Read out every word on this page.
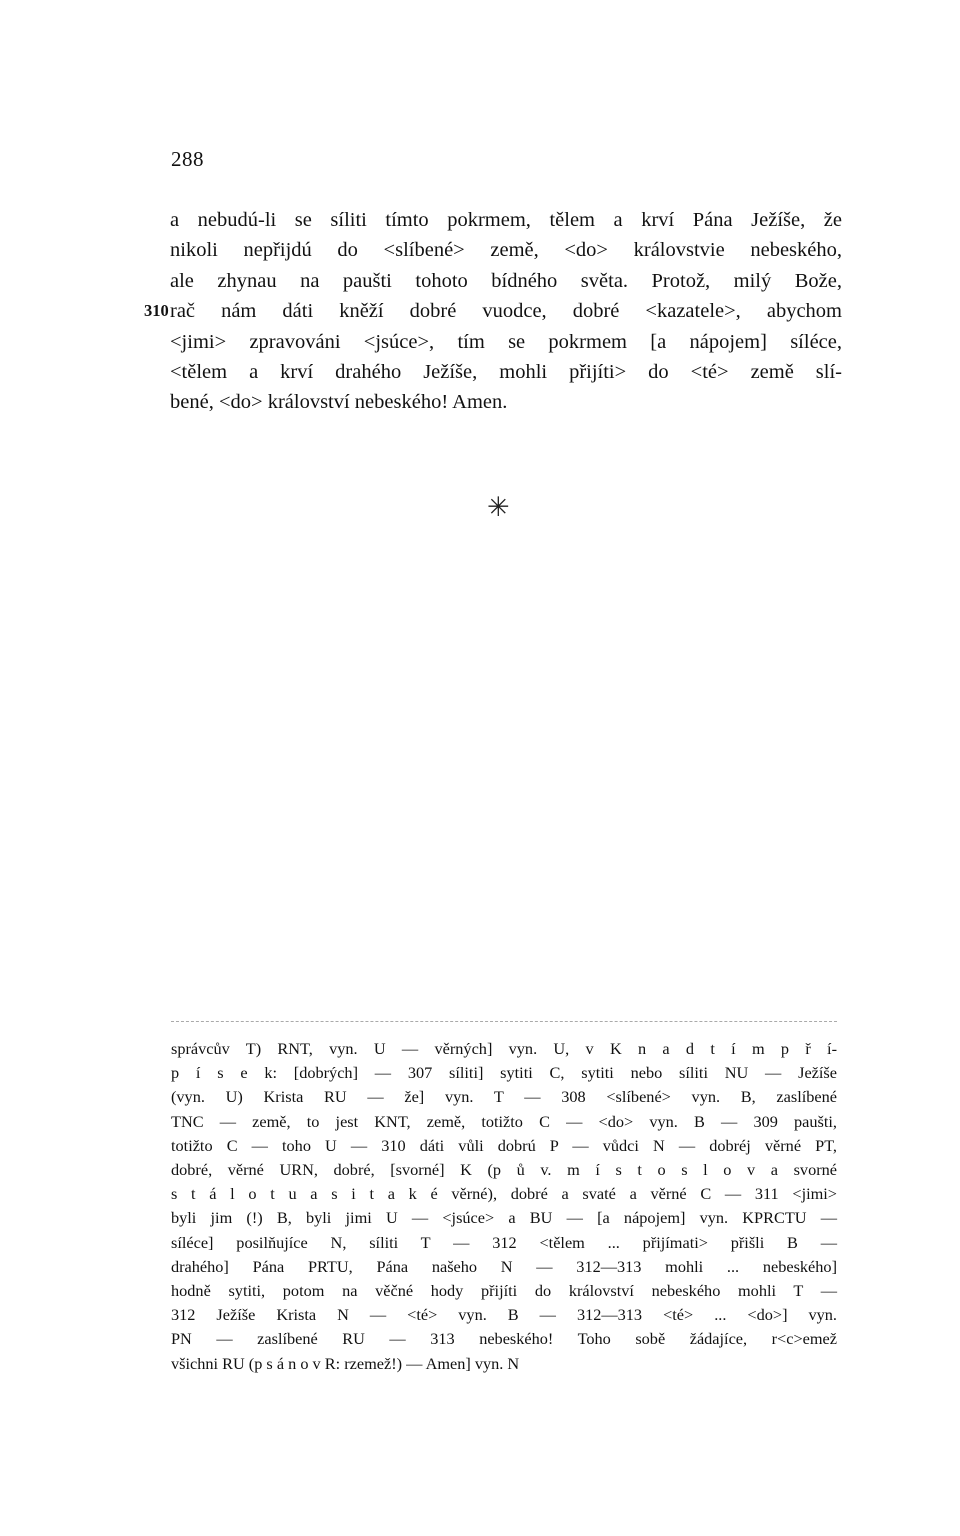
288
a nebudú-li se síliti tímto pokrmem, tělem a krví Pána Ježíše, že
nikoli nepřijdú do <slíbené> země, <do> královstvie nebeského,
ale zhynau na paušti tohoto bídného světa. Protož, milý Bože,
310 rač nám dáti kněží dobré vuodce, dobré <kazatele>, abychom
<jimi> zpravováni <jsúce>, tím se pokrmem [a nápojem] síléce,
<tělem a krví drahého Ježíše, mohli přijíti> do <té> země slí-
bené, <do> království nebeského! Amen.
✳
správcův T) RNT, vyn. U — věrných] vyn. U, v K n a d t í m p ř í-
p í s e k: [dobrých] — 307 síliti] sytiti C, sytiti nebo síliti NU — Ježíše
(vyn. U) Krista RU — že] vyn. T — 308 <slíbené> vyn. B, zaslíbené
TNC — země, to jest KNT, země, totižto C — <do> vyn. B — 309 paušti,
totižto C — toho U — 310 dáti vůli dobrú P — vůdci N — dobréj věrné PT,
dobré, věrné URN, dobré, [svorné] K (p ů v. m í s t o s l o v a svorné
s t á l o t u a s i t a k é věrné), dobré a svaté a věrné C — 311 <jimi>
byli jim (!) B, byli jimi U — <jsúce> a BU — [a nápojem] vyn. KPRCTU —
síléce] posilňujíce N, síliti T — 312 <tělem ... přijímati> přišli B —
drahého] Pána PRTU, Pána našeho N — 312—313 mohli ... nebeského]
hodně sytiti, potom na věčné hody přijíti do království nebeského mohli T —
312 Ježíše Krista N — <té> vyn. B — 312—313 <té> ... <do>] vyn.
PN — zaslíbené RU — 313 nebeského! Toho sobě žádajíce, r<c>emež
všichni RU (p s á n o v R: rzemež!) — Amen] vyn. N
